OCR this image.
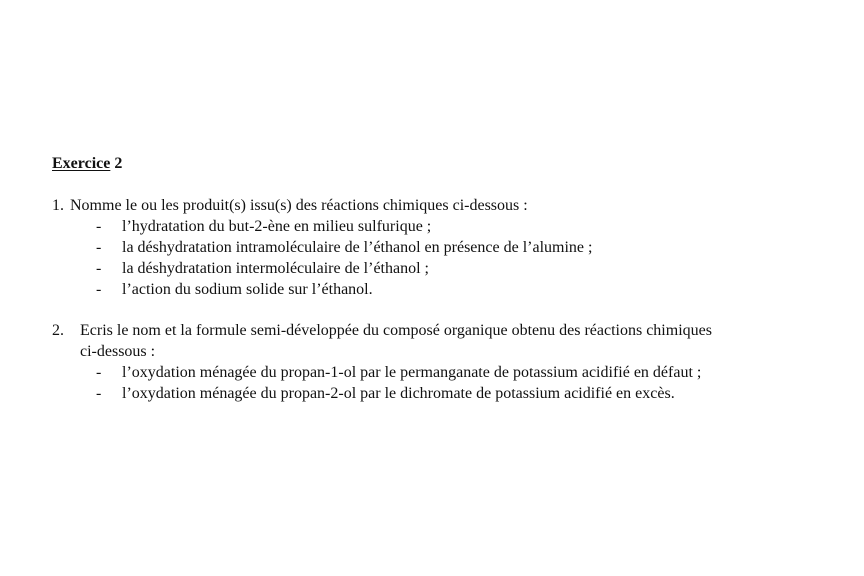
Exercice 2
1. Nomme le ou les produit(s) issu(s) des réactions chimiques ci-dessous :
- l’hydratation du but-2-ène en milieu sulfurique ;
- la déshydratation intramoléculaire de l’éthanol en présence de l’alumine ;
- la déshydratation intermoléculaire de l’éthanol ;
- l’action du sodium solide sur l’éthanol.
2.	Ecris le nom et la formule semi-développée du composé organique obtenu des réactions chimiques
ci-dessous :
- l’oxydation ménagée du propan-1-ol par le permanganate de potassium acidifié en défaut ;
- l’oxydation ménagée du propan-2-ol par le dichromate de potassium acidifié en excès.
